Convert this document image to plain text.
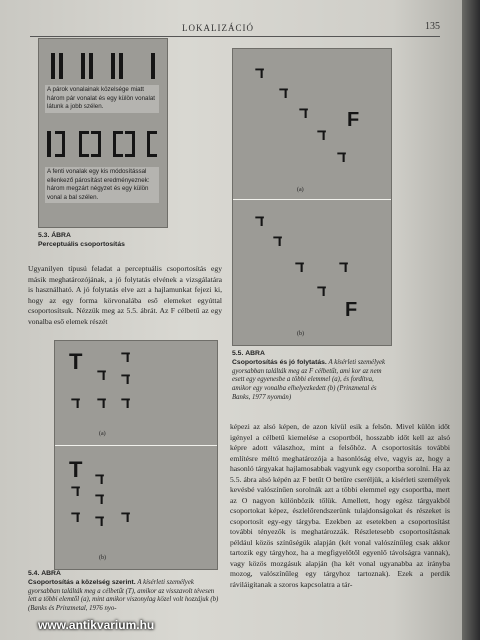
LOKALIZÁCIÓ	135
A párok vonalainak közelsége miatt három pár vonalat és egy külön vonalat látunk a jobb szélen.
A fenti vonalak egy kis módosítással ellenkező párosítást eredményeznek: három megzárt négyzet és egy külön vonal a bal szélen.
5.3. ÁBRA
Perceptuális csoportosítás
Ugyanilyen típusú feladat a perceptuális csoportosítás egy másik meghatározójának, a jó folytatás elvének a vizsgálatára is használható. A jó folytatás elve azt a hajlamunkat fejezi ki, hogy az egy forma körvonalába eső elemeket egyúttal csoportosítsuk. Nézzük meg az 5.5. ábrát. Az F célbetű az egy vonalba eső elemek részét
T
ד
ד
ד
ד ד ד
(a)
T
ד
ד
ד
ד ד ד
(b)
5.4. ÁBRA
Csoportosítás a közelség szerint. A kísérleti személyek gyorsabban találták meg a célbetűt (T), amikor az visszavolt tévesen lett a többi elemtől (a), mint amikor viszonylag közel volt hozzájuk (b) (Banks és Prinzmetal, 1976 nyo-
ד
ד
ד
ד
ד
F
(a)
ד
ד
ד
ד
ד
F
(b)
5.5. ÁBRA
Csoportosítás és jó folytatás. A kísérleti személyek gyorsabban találták meg az F célbetűt, ami kor az nem esett egy egyenesbe a többi elemmel (a), és fordítva, amikor egy vonalba elhelyezkedett (b) (Prinzmetal és Banks, 1977 nyomán)
képezi az alsó képen, de azon kívül esik a felsőn. Mivel külön időt igényel a célbetű kiemelése a csoportból, hosszabb időt kell az alsó képre adott válaszhoz, mint a felsőhöz. A csoportosítás további említésre méltó meghatározója a hasonlóság elve, vagyis az, hogy a hasonló tárgyakat hajlamosabbak vagyunk egy csoportba sorolni. Ha az 5.5. ábra alsó képén az F betűt O betűre cseréljük, a kísérleti személyek kevésbé valószínűen sorolnák azt a többi elemmel egy csoportba, mert az O nagyon különbözik tőlük. Amellett, hogy egész tárgyakból csoportokat képez, észlelőrendszerünk tulajdonságokat és részeket is csoportosít egy-egy tárgyba. Ezekben az esetekben a csoportosítást további tényezők is meghatározzák. Részletesebb csoportosításnak például közös színűségük alapján (két vonal valószínűleg csak akkor tartozik egy tárgyhoz, ha a megfigyelőtől egyenlő távolságra vannak), vagy közös mozgásuk alapján (ha két vonal ugyanabba az irányba mozog, valószínűleg egy tárgyhoz tartoznak). Ezek a perdik ráviláigítanak a szoros kapcsolatra a tár-
www.antikvarium.hu
